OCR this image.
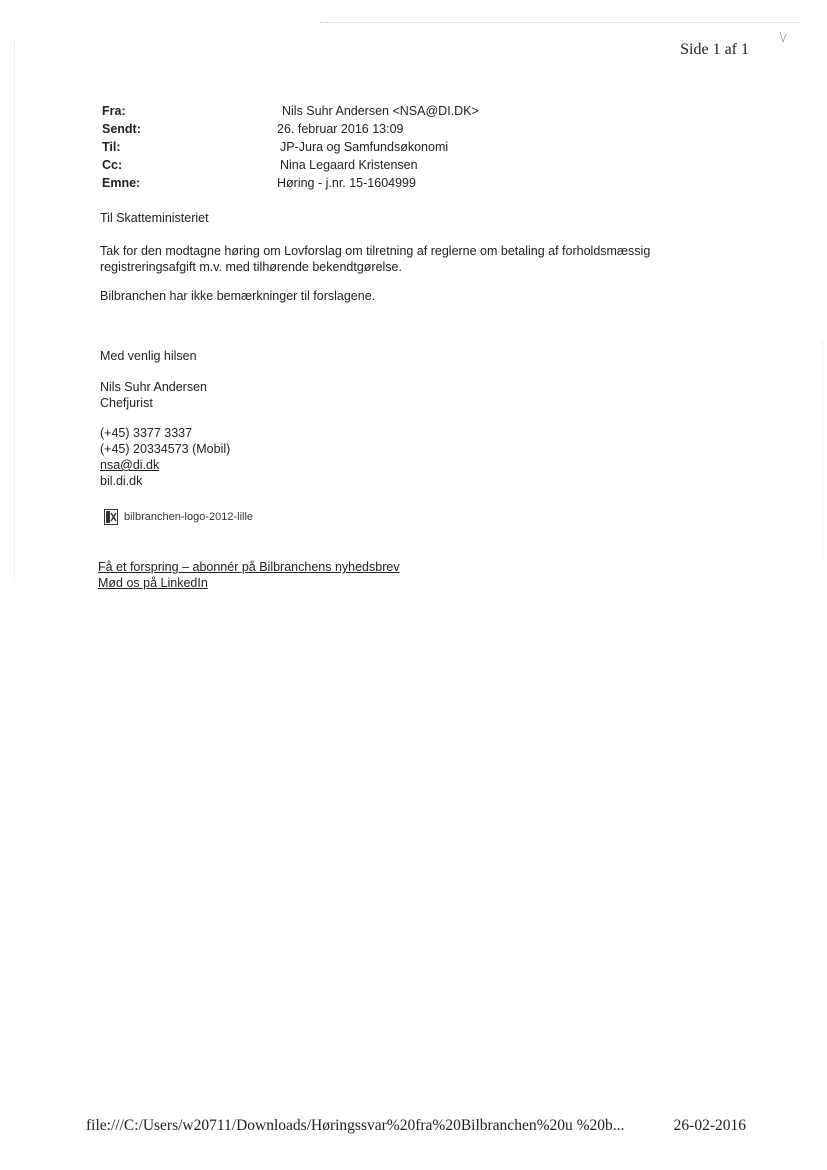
Side 1 af 1
Fra:	Nils Suhr Andersen <NSA@DI.DK>
Sendt:	26. februar 2016 13:09
Til:	JP-Jura og Samfundsøkonomi
Cc:	Nina Legaard Kristensen
Emne:	Høring - j.nr. 15-1604999

Til Skatteministeriet

Tak for den modtagne høring om Lovforslag om tilretning af reglerne om betaling af forholdsmæssig

registreringsafgift m.v. med tilhørende bekendtgørelse.

Bilbranchen har ikke bemærkninger til forslagene.

Med venlig hilsen

Nils Suhr Andersen

Chefjurist

(+45) 3377 3337

(+45) 20334573 (Mobil)

nsa@di.dk

bil.di.dk

bilbranchen-logo-2012-lille

Få et forspring – abonnér på Bilbranchens nyhedsbrev

Mød os på LinkedIn

file:///C:/Users/w20711/Downloads/Høringssvar%20fra%20Bilbranchen%20u %20b...	26-02-2016
